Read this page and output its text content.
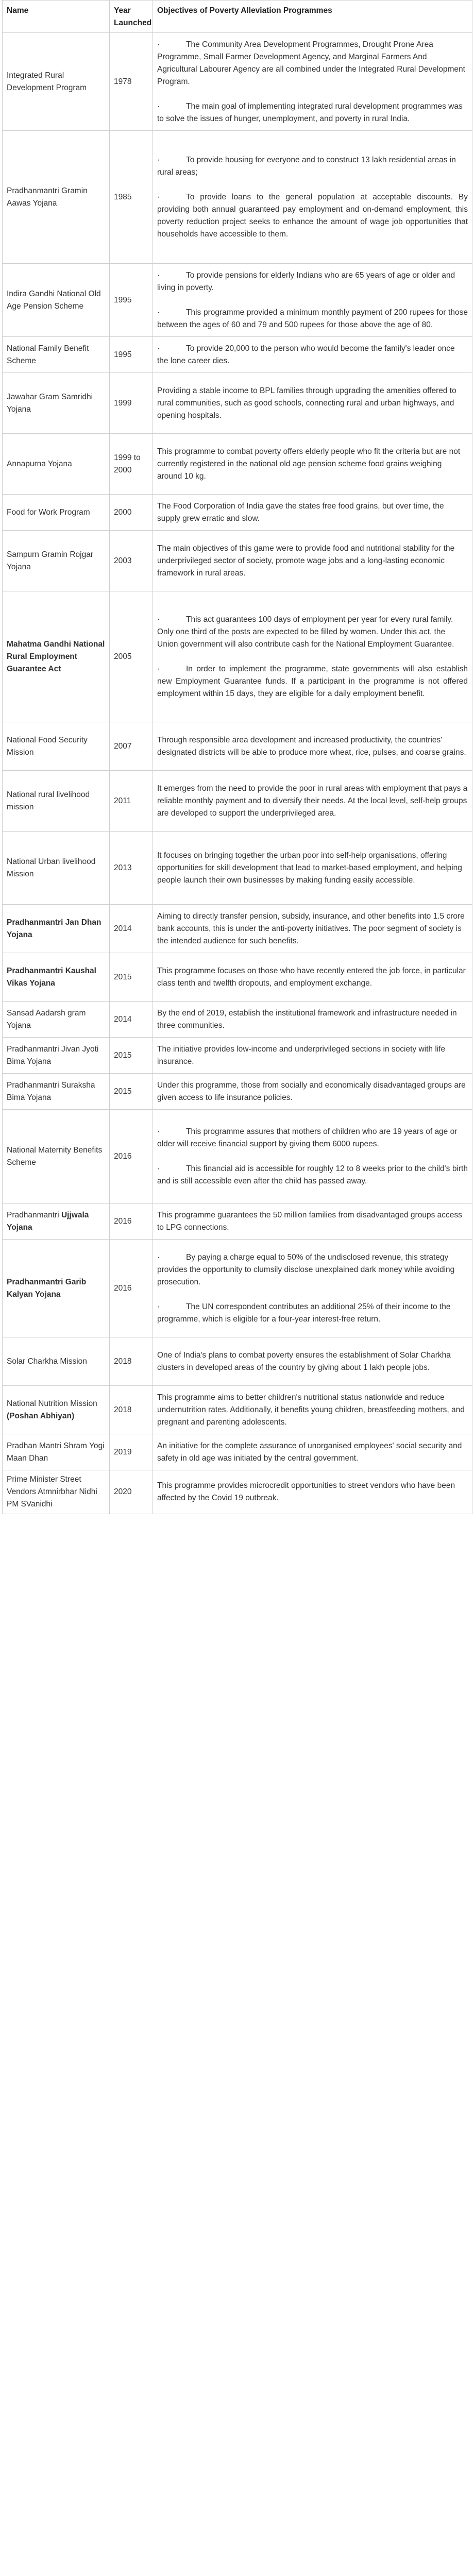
Name	Year Launched	Objectives of Poverty Alleviation Programmes

Integrated Rural Development Program	1978	· The Community Area Development Programmes, Drought Prone Area Programme, Small Farmer Development Agency, and Marginal Farmers And Agricultural Labourer Agency are all combined under the Integrated Rural Development Program.
· The main goal of implementing integrated rural development programmes was to solve the issues of hunger, unemployment, and poverty in rural India.

Pradhanmantri Gramin Aawas Yojana	1985	· To provide housing for everyone and to construct 13 lakh residential areas in rural areas;
· To provide loans to the general population at acceptable discounts. By providing both annual guaranteed pay employment and on-demand employment, this poverty reduction project seeks to enhance the amount of wage job opportunities that households have accessible to them.

Indira Gandhi National Old Age Pension Scheme	1995	· To provide pensions for elderly Indians who are 65 years of age or older and living in poverty.
· This programme provided a minimum monthly payment of 200 rupees for those between the ages of 60 and 79 and 500 rupees for those above the age of 80.

National Family Benefit Scheme	1995	· To provide 20,000 to the person who would become the family's leader once the lone career dies.

Jawahar Gram Samridhi Yojana	1999	Providing a stable income to BPL families through upgrading the amenities offered to rural communities, such as good schools, connecting rural and urban highways, and opening hospitals.

Annapurna Yojana	1999 to
2000	This programme to combat poverty offers elderly people who fit the criteria but are not currently registered in the national old age pension scheme food grains weighing around 10 kg.

Food for Work Program	2000	The Food Corporation of India gave the states free food grains, but over time, the supply grew erratic and slow.

Sampurn Gramin Rojgar Yojana	2003	The main objectives of this game were to provide food and nutritional stability for the underprivileged sector of society, promote wage jobs and a long-lasting economic framework in rural areas.

Mahatma Gandhi National Rural Employment Guarantee Act	2005	· This act guarantees 100 days of employment per year for every rural family. Only one third of the posts are expected to be filled by women. Under this act, the Union government will also contribute cash for the National Employment Guarantee.
· In order to implement the programme, state governments will also establish new Employment Guarantee funds. If a participant in the programme is not offered employment within 15 days, they are eligible for a daily employment benefit.

National Food Security Mission	2007	Through responsible area development and increased productivity, the countries' designated districts will be able to produce more wheat, rice, pulses, and coarse grains.

National rural livelihood mission	2011	It emerges from the need to provide the poor in rural areas with employment that pays a reliable monthly payment and to diversify their needs. At the local level, self-help groups are developed to support the underprivileged area.

National Urban livelihood Mission	2013	It focuses on bringing together the urban poor into self-help organisations, offering opportunities for skill development that lead to market-based employment, and helping people launch their own businesses by making funding easily accessible.

Pradhanmantri Jan Dhan Yojana	2014	Aiming to directly transfer pension, subsidy, insurance, and other benefits into 1.5 crore bank accounts, this is under the anti-poverty initiatives. The poor segment of society is the intended audience for such benefits.

Pradhanmantri Kaushal Vikas Yojana	2015	This programme focuses on those who have recently entered the job force, in particular class tenth and twelfth dropouts, and employment exchange.

Sansad Aadarsh gram Yojana	2014	By the end of 2019, establish the institutional framework and infrastructure needed in three communities.

Pradhanmantri Jivan Jyoti Bima Yojana	2015	The initiative provides low-income and underprivileged sections in society with life insurance.

Pradhanmantri Suraksha Bima Yojana	2015	Under this programme, those from socially and economically disadvantaged groups are given access to life insurance policies.

National Maternity Benefits Scheme	2016	· This programme assures that mothers of children who are 19 years of age or older will receive financial support by giving them 6000 rupees.
· This financial aid is accessible for roughly 12 to 8 weeks prior to the child's birth and is still accessible even after the child has passed away.

Pradhanmantri Ujjwala Yojana	2016	This programme guarantees the 50 million families from disadvantaged groups access to LPG connections.

Pradhanmantri Garib Kalyan Yojana	2016	· By paying a charge equal to 50% of the undisclosed revenue, this strategy provides the opportunity to clumsily disclose unexplained dark money while avoiding prosecution.
· The UN correspondent contributes an additional 25% of their income to the programme, which is eligible for a four-year interest-free return.

Solar Charkha Mission	2018	One of India's plans to combat poverty ensures the establishment of Solar Charkha clusters in developed areas of the country by giving about 1 lakh people jobs.

National Nutrition Mission (Poshan Abhiyan)	2018	This programme aims to better children's nutritional status nationwide and reduce undernutrition rates. Additionally, it benefits young children, breastfeeding mothers, and pregnant and parenting adolescents.

Pradhan Mantri Shram Yogi Maan Dhan	2019	An initiative for the complete assurance of unorganised employees' social security and safety in old age was initiated by the central government.

Prime Minister Street Vendors Atmnirbhar Nidhi PM SVanidhi	2020	This programme provides microcredit opportunities to street vendors who have been affected by the Covid 19 outbreak.
